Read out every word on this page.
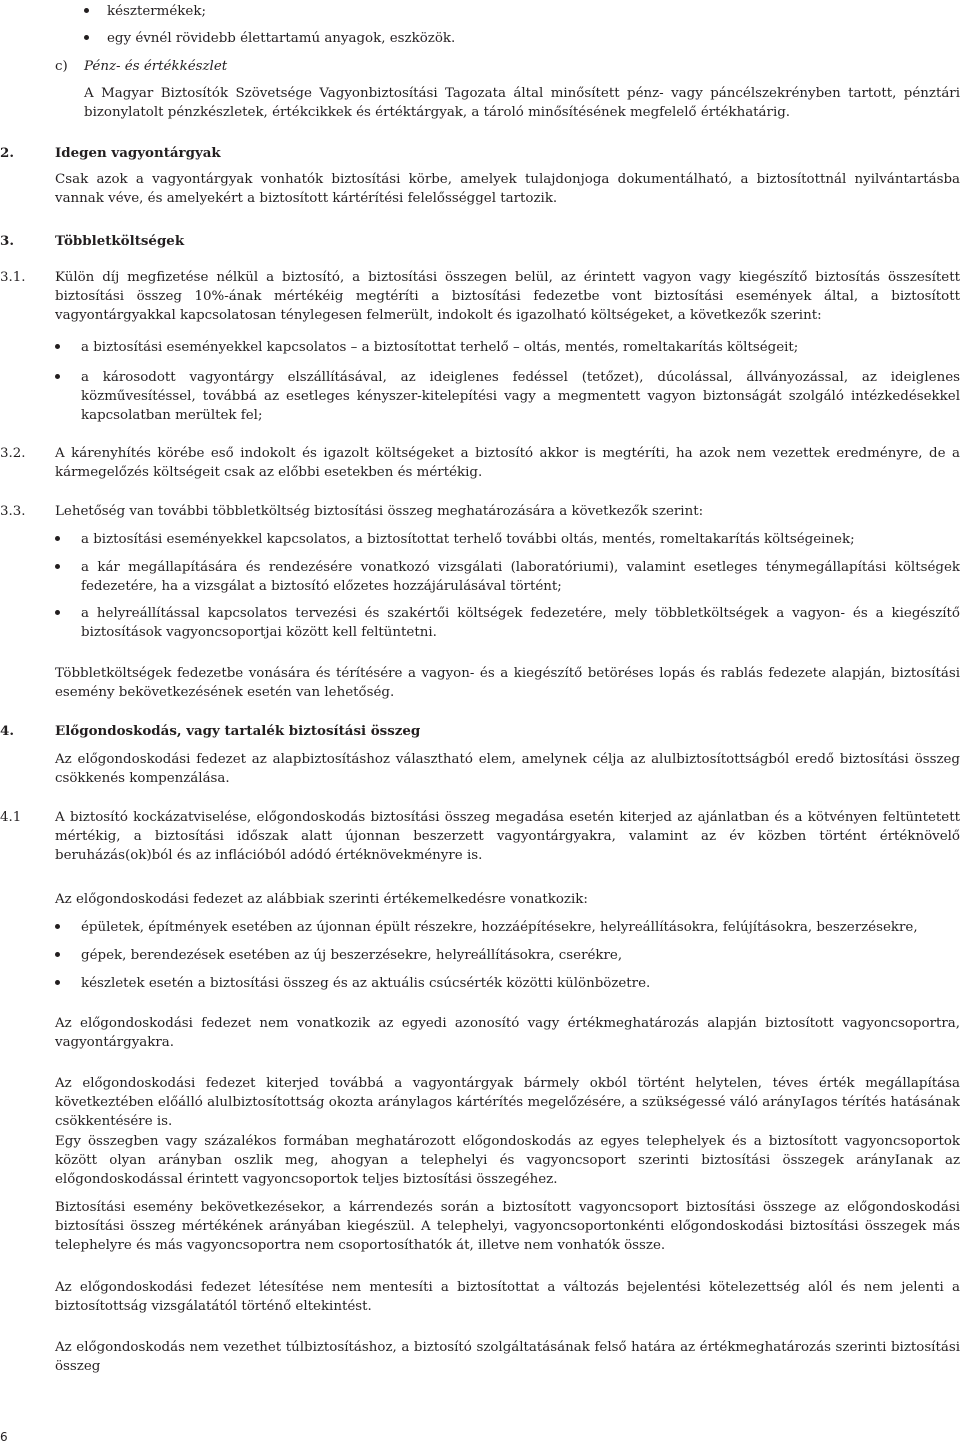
késztermékek;
egy évnél rövidebb élettartamú anyagok, eszközök.
c) Pénz- és értékkészlet
A Magyar Biztosítók Szövetsége Vagyonbiztosítási Tagozata által minősített pénz- vagy páncélszekrényben tartott, pénztári bizonylatolt pénzkészletek, értékcikkek és értéktárgyak, a tároló minősítésének megfelelő értékhatárig.
2.	Idegen vagyontárgyak
Csak azok a vagyontárgyak vonhatók biztosítási körbe, amelyek tulajdonjoga dokumentálható, a biztosítottnál nyilvántartásba vannak véve, és amelyekért a biztosított kártérítési felelősséggel tartozik.
3.	Többletköltségek
3.1. Külön díj megfizetése nélkül a biztosító, a biztosítási összegen belül, az érintett vagyon vagy kiegészítő biztosítás összesített biztosítási összeg 10%-ának mértékéig megtéríti a biztosítási fedezetbe vont biztosítási események által, a biztosított vagyontárgyakkal kapcsolatosan ténylegesen felmerült, indokolt és igazolható költségeket, a következők szerint:
a biztosítási eseményekkel kapcsolatos – a biztosítottat terhelő – oltás, mentés, romeltakarítás költségeit;
a károsodott vagyontárgy elszállításával, az ideiglenes fedéssel (tetőzet), dúcolással, állványozással, az ideiglenes közművesítéssel, továbbá az esetleges kényszer-kitelepítési vagy a megmentett vagyon biztonságát szolgáló intézkedésekkel kapcsolatban merültek fel;
3.2. A kárenyhítés körébe eső indokolt és igazolt költségeket a biztosító akkor is megtéríti, ha azok nem vezettek eredményre, de a kármegelőzés költségeit csak az előbbi esetekben és mértékig.
3.3. Lehetőség van további többletköltség biztosítási összeg meghatározására a következők szerint:
a biztosítási eseményekkel kapcsolatos, a biztosítottat terhelő további oltás, mentés, romeltakarítás költségeinek;
a kár megállapítására és rendezésére vonatkozó vizsgálati (laboratóriumi), valamint esetleges ténymegállapítási költségek fedezetére, ha a vizsgálat a biztosító előzetes hozzájárulásával történt;
a helyreállítással kapcsolatos tervezési és szakértői költségek fedezetére, mely többletköltségek a vagyon- és a kiegészítő biztosítások vagyoncsoportjai között kell feltüntetni.
Többletköltségek fedezetbe vonására és térítésére a vagyon- és a kiegészítő betöréses lopás és rablás fedezete alapján, biztosítási esemény bekövetkezésének esetén van lehetőség.
4.	Előgondoskodás, vagy tartalék biztosítási összeg
Az előgondoskodási fedezet az alapbiztosításhoz választható elem, amelynek célja az alulbiztosítottságból eredő biztosítási összeg csökkenés kompenzálása.
4.1	A biztosító kockázatviselése, előgondoskodás biztosítási összeg megadása esetén kiterjed az ajánlatban és a kötvényen feltüntetett mértékig, a biztosítási időszak alatt újonnan beszerzett vagyontárgyakra, valamint az év közben történt értéknövelő beruházás(ok)ból és az inflációból adódó értéknövekményre is.
Az előgondoskodási fedezet az alábbiak szerinti értékemelkedésre vonatkozik:
épületek, építmények esetében az újonnan épült részekre, hozzáépítésekre, helyreállításokra, felújításokra, beszerzésekre,
gépek, berendezések esetében az új beszerzésekre, helyreállításokra, cserékre,
készletek esetén a biztosítási összeg és az aktuális csúcsérték közötti különbözetre.
Az előgondoskodási fedezet nem vonatkozik az egyedi azonosító vagy értékmeghatározás alapján biztosított vagyoncsoportra, vagyontárgyakra.
Az előgondoskodási fedezet kiterjed továbbá a vagyontárgyak bármely okból történt helytelen, téves érték megállapítása következtében előálló alulbiztosítottság okozta aránylagos kártérítés megelőzésére, a szükségessé váló arányIagos térítés hatásának csökkentésére is.
Egy összegben vagy százalékos formában meghatározott előgondoskodás az egyes telephelyek és a biztosított vagyoncsoportok között olyan arányban oszlik meg, ahogyan a telephelyi és vagyoncsoport szerinti biztosítási összegek arányIanak az előgondoskodással érintett vagyoncsoportok teljes biztosítási összegéhez.
Biztosítási esemény bekövetkezésekor, a kárrendezés során a biztosított vagyoncsoport biztosítási összege az előgondoskodási biztosítási összeg mértékének arányában kiegészül. A telephelyi, vagyoncsoportonkénti előgondoskodási biztosítási összegek más telephelyre és más vagyoncsoportra nem csoportosíthatók át, illetve nem vonhatók össze.
Az előgondoskodási fedezet létesítése nem mentesíti a biztosítottat a változás bejelentési kötelezettség alól és nem jelenti a biztosítottság vizsgálatától történő eltekintést.
Az előgondoskodás nem vezethet túlbiztosításhoz, a biztosító szolgáltatásának felső határa az értékmeghatározás szerinti biztosítási összeg
6
